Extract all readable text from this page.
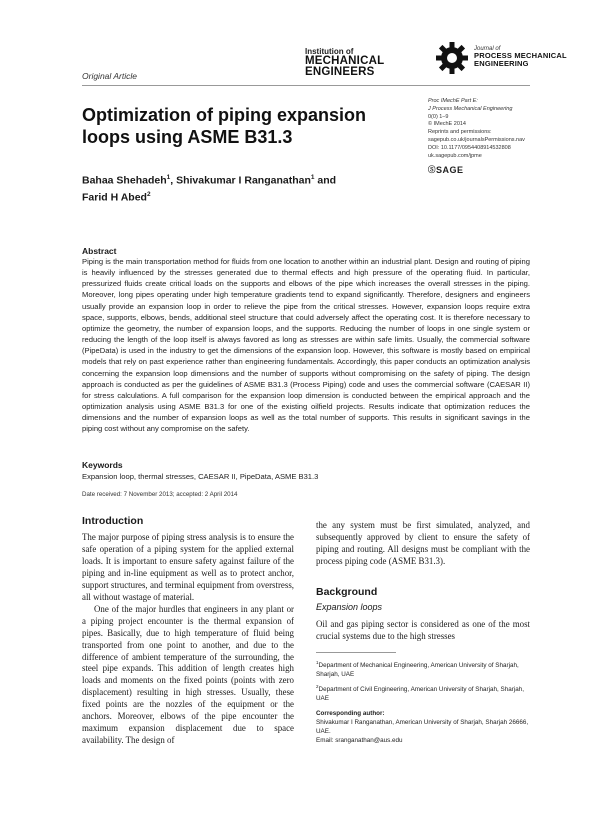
Institution of
MECHANICAL
ENGINEERS
Journal of
PROCESS MECHANICAL
ENGINEERING
Original Article
Optimization of piping expansion loops using ASME B31.3
Bahaa Shehadeh$^1$, Shivakumar I Ranganathan$^1$ and
Farid H Abed$^2$
Proc IMechE Part E:
J Process Mechanical Engineering
0(0) 1–9
© IMechE 2014
Reprints and permissions:
sagepub.co.uk/journalsPermissions.nav
DOI: 10.1177/0954408914532808
uk.sagepub.com/jpme
ⓈSAGE
Abstract
Piping is the main transportation method for fluids from one location to another within an industrial plant. Design and routing of piping is heavily influenced by the stresses generated due to thermal effects and high pressure of the operating fluid. In particular, pressurized fluids create critical loads on the supports and elbows of the pipe which increases the overall stresses in the piping. Moreover, long pipes operating under high temperature gradients tend to expand significantly. Therefore, designers and engineers usually provide an expansion loop in order to relieve the pipe from the critical stresses. However, expansion loops require extra space, supports, elbows, bends, additional steel structure that could adversely affect the operating cost. It is therefore necessary to optimize the geometry, the number of expansion loops, and the supports. Reducing the number of loops in one single system or reducing the length of the loop itself is always favored as long as stresses are within safe limits. Usually, the commercial software (PipeData) is used in the industry to get the dimensions of the expansion loop. However, this software is mostly based on empirical models that rely on past experience rather than engineering fundamentals. Accordingly, this paper conducts an optimization analysis concerning the expansion loop dimensions and the number of supports without compromising on the safety of piping. The design approach is conducted as per the guidelines of ASME B31.3 (Process Piping) code and uses the commercial software (CAESAR II) for stress calculations. A full comparison for the expansion loop dimension is conducted between the empirical approach and the optimization analysis using ASME B31.3 for one of the existing oilfield projects. Results indicate that optimization reduces the dimensions and the number of expansion loops as well as the total number of supports. This results in significant savings in the piping cost without any compromise on the safety.
Keywords
Expansion loop, thermal stresses, CAESAR II, PipeData, ASME B31.3
Date received: 7 November 2013; accepted: 2 April 2014
Introduction

The major purpose of piping stress analysis is to ensure the safe operation of a piping system for the applied external loads. It is important to ensure safety against failure of the piping and in-line equipment as well as to protect anchor, support structures, and terminal equipment from overstress, all without wastage of material.

One of the major hurdles that engineers in any plant or a piping project encounter is the thermal expansion of pipes. Basically, due to high temperature of fluid being transported from one point to another, and due to the difference of ambient temperature of the surrounding, the steel pipe expands. This addition of length creates high loads and moments on the fixed points (points with zero displacement) resulting in high stresses. Usually, these fixed points are the nozzles of the equipment or the anchors. Moreover, elbows of the pipe encounter the maximum expansion displacement due to space availability. The design of

the any system must be first simulated, analyzed, and subsequently approved by client to ensure the safety of piping and routing. All designs must be compliant with the process piping code (ASME B31.3).
Background
Expansion loops
Oil and gas piping sector is considered as one of the most crucial systems due to the high stresses
$^1$Department of Mechanical Engineering, American University of Sharjah, Sharjah, UAE
$^2$Department of Civil Engineering, American University of Sharjah, Sharjah, UAE
Corresponding author:
Shivakumar I Ranganathan, American University of Sharjah, Sharjah 26666, UAE.
Email: sranganathan@aus.edu
